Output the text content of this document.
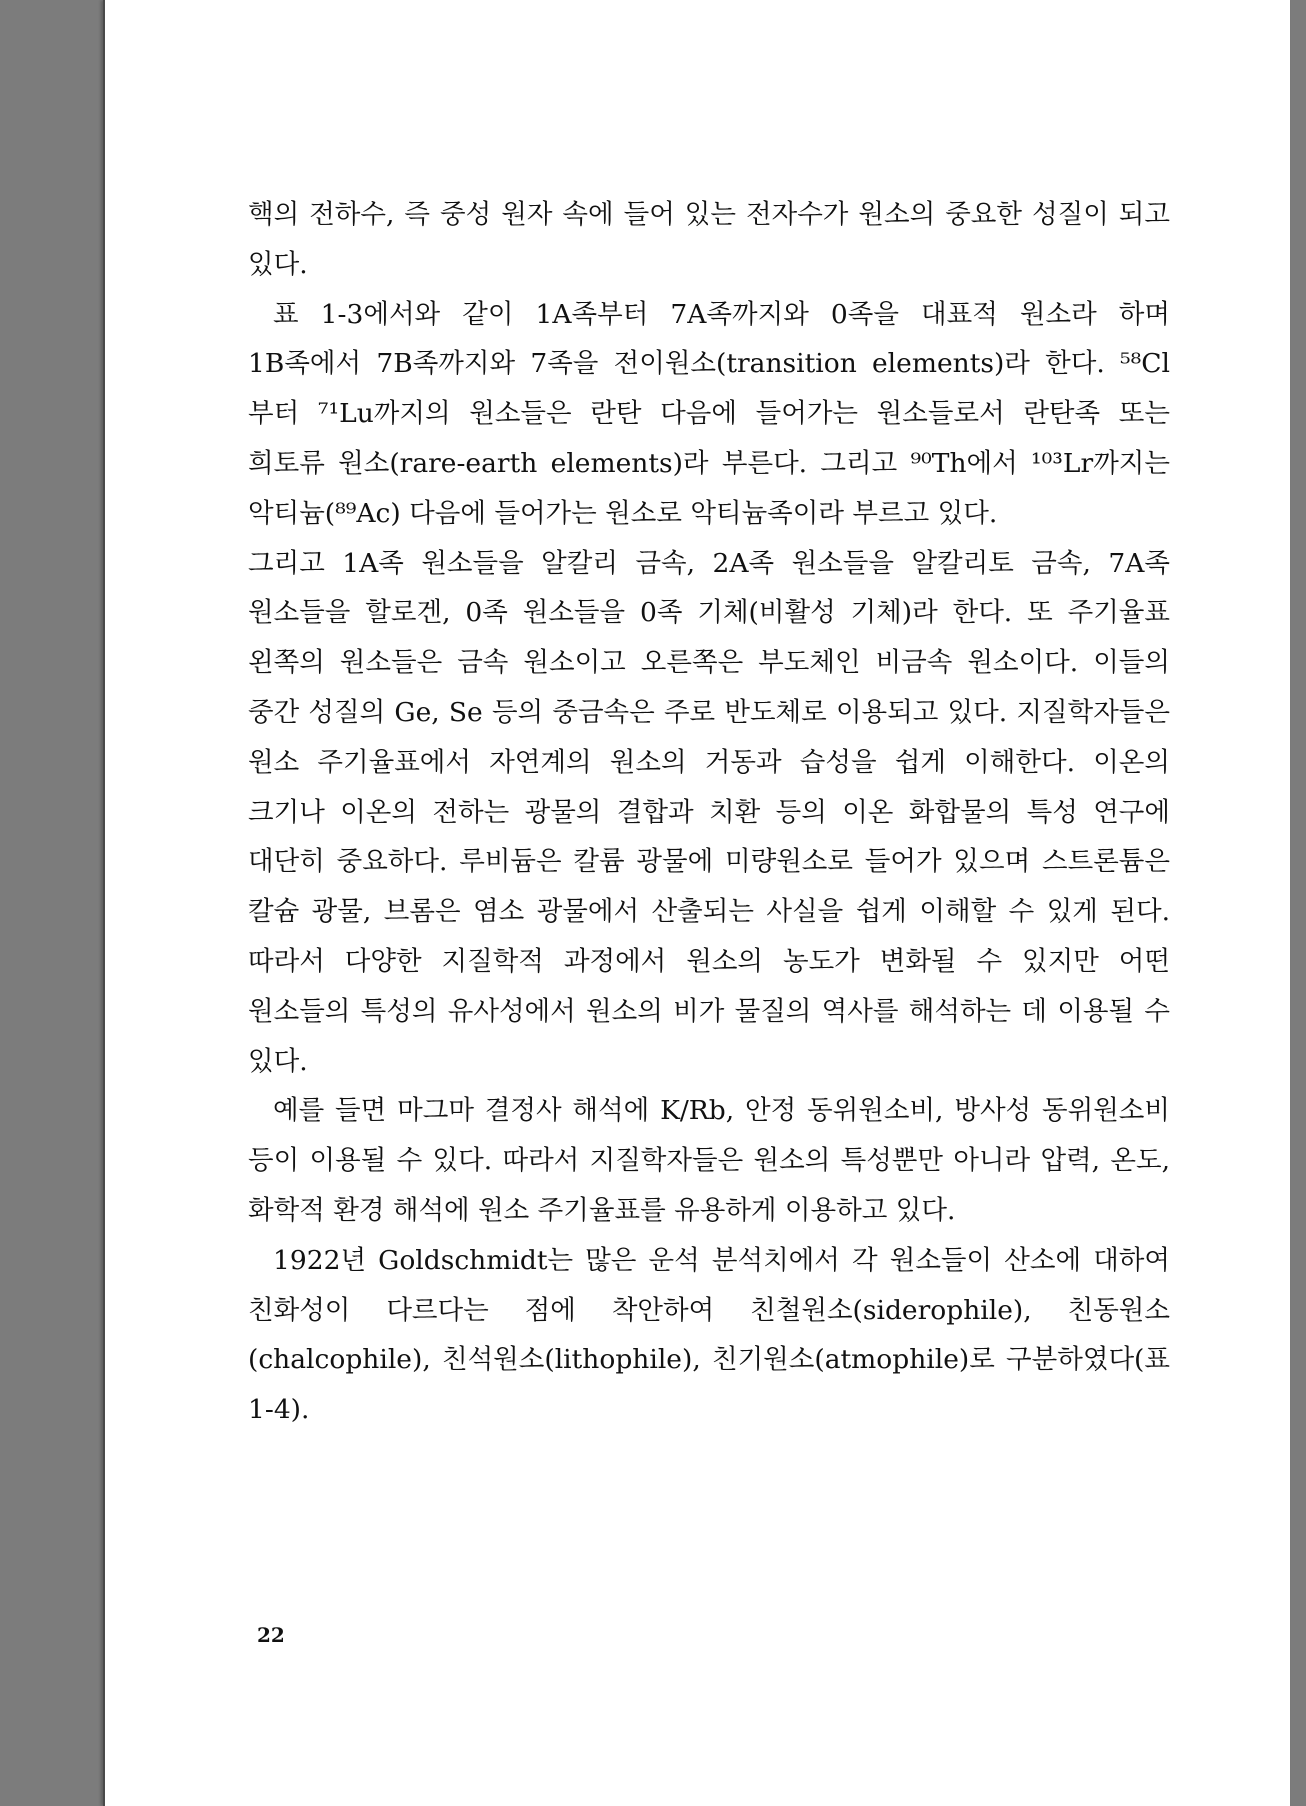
핵의 전하수, 즉 중성 원자 속에 들어 있는 전자수가 원소의 중요한 성질이 되고 있다.

표 1-3에서와 같이 1A족부터 7A족까지와 0족을 대표적 원소라 하며 1B족에서 7B족까지와 7족을 전이원소(transition elements)라 한다. ⁵⁸Cl 부터 ⁷¹Lu까지의 원소들은 란탄 다음에 들어가는 원소들로서 란탄족 또는 희토류 원소(rare-earth elements)라 부른다. 그리고 ⁹⁰Th에서 ¹⁰³Lr까지는 악티늄(⁸⁹Ac) 다음에 들어가는 원소로 악티늄족이라 부르고 있다.

그리고 1A족 원소들을 알칼리 금속, 2A족 원소들을 알칼리토 금속, 7A족 원소들을 할로겐, 0족 원소들을 0족 기체(비활성 기체)라 한다. 또 주기율표 왼쪽의 원소들은 금속 원소이고 오른쪽은 부도체인 비금속 원소이다. 이들의 중간 성질의 Ge, Se 등의 중금속은 주로 반도체로 이용되고 있다. 지질학자들은 원소 주기율표에서 자연계의 원소의 거동과 습성을 쉽게 이해한다. 이온의 크기나 이온의 전하는 광물의 결합과 치환 등의 이온 화합물의 특성 연구에 대단히 중요하다. 루비듐은 칼륨 광물에 미량원소로 들어가 있으며 스트론튬은 칼슘 광물, 브롬은 염소 광물에서 산출되는 사실을 쉽게 이해할 수 있게 된다. 따라서 다양한 지질학적 과정에서 원소의 농도가 변화될 수 있지만 어떤 원소들의 특성의 유사성에서 원소의 비가 물질의 역사를 해석하는 데 이용될 수 있다.

예를 들면 마그마 결정사 해석에 K/Rb, 안정 동위원소비, 방사성 동위원소비 등이 이용될 수 있다. 따라서 지질학자들은 원소의 특성뿐만 아니라 압력, 온도, 화학적 환경 해석에 원소 주기율표를 유용하게 이용하고 있다.

1922년 Goldschmidt는 많은 운석 분석치에서 각 원소들이 산소에 대하여 친화성이 다르다는 점에 착안하여 친철원소(siderophile), 친동원소(chalcophile), 친석원소(lithophile), 친기원소(atmophile)로 구분하였다(표 1-4).

22
